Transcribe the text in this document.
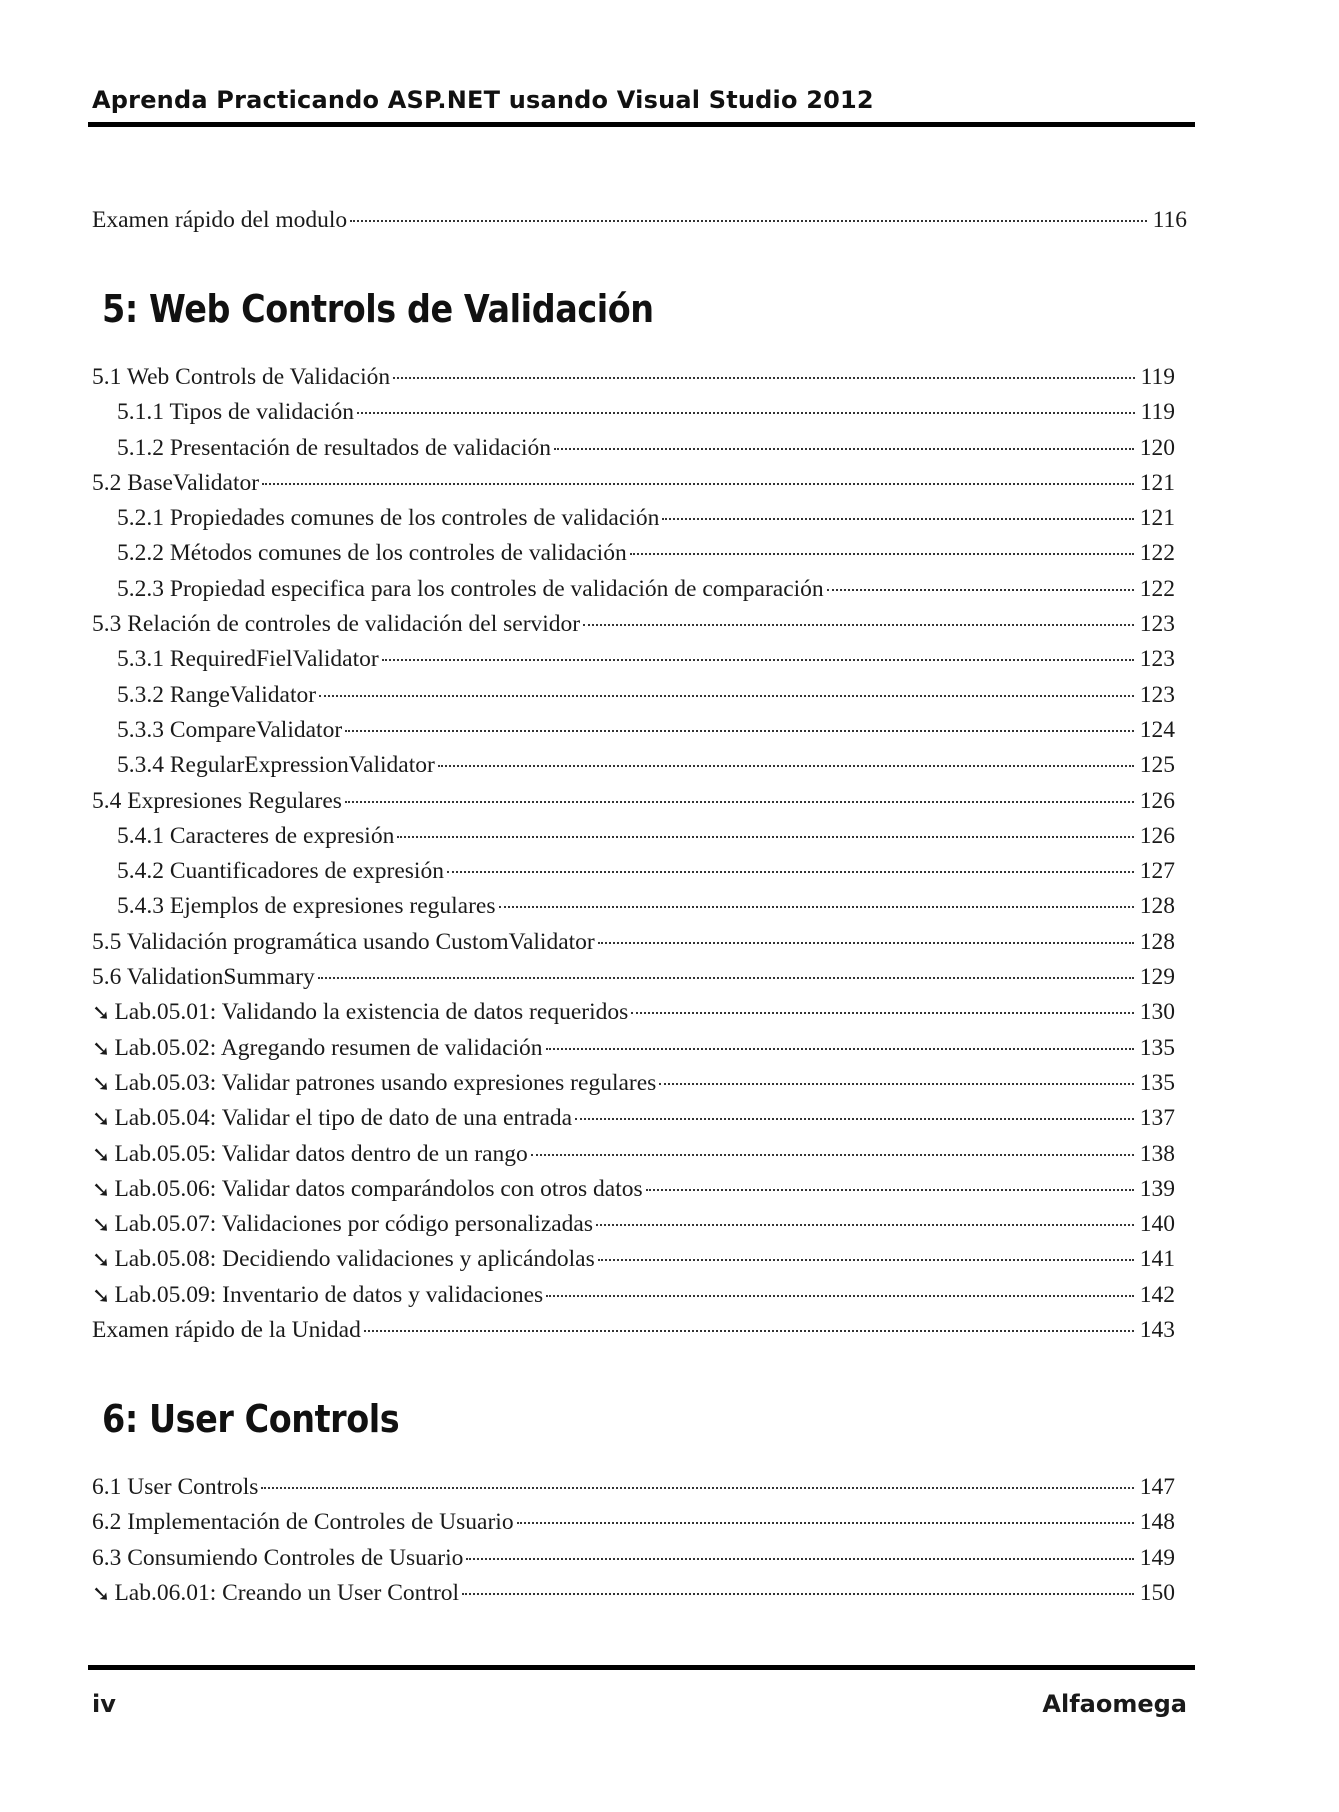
Aprenda Practicando ASP.NET usando Visual Studio 2012
Examen rápido del modulo	116
5: Web Controls de Validación
5.1 Web Controls de Validación	119
5.1.1 Tipos de validación	119
5.1.2 Presentación de resultados de validación	120
5.2 BaseValidator	121
5.2.1 Propiedades comunes de los controles de validación	121
5.2.2 Métodos comunes de los controles de validación	122
5.2.3 Propiedad especifica para los controles de validación de comparación	122
5.3 Relación de controles de validación del servidor	123
5.3.1 RequiredFielValidator	123
5.3.2 RangeValidator	123
5.3.3 CompareValidator	124
5.3.4 RegularExpressionValidator	125
5.4 Expresiones Regulares	126
5.4.1 Caracteres de expresión	126
5.4.2 Cuantificadores de expresión	127
5.4.3 Ejemplos de expresiones regulares	128
5.5 Validación programática usando CustomValidator	128
5.6 ValidationSummary	129
➘ Lab.05.01: Validando la existencia de datos requeridos	130
➘ Lab.05.02: Agregando resumen de validación	135
➘ Lab.05.03: Validar patrones usando expresiones regulares	135
➘ Lab.05.04: Validar el tipo de dato de una entrada	137
➘ Lab.05.05: Validar datos dentro de un rango	138
➘ Lab.05.06: Validar datos comparándolos con otros datos	139
➘ Lab.05.07: Validaciones por código personalizadas	140
➘ Lab.05.08: Decidiendo validaciones y aplicándolas	141
➘ Lab.05.09: Inventario de datos y validaciones	142
Examen rápido de la Unidad	143
6: User Controls
6.1 User Controls	147
6.2 Implementación de Controles de Usuario	148
6.3 Consumiendo Controles de Usuario	149
➘ Lab.06.01: Creando un User Control	150
iv	Alfaomega
